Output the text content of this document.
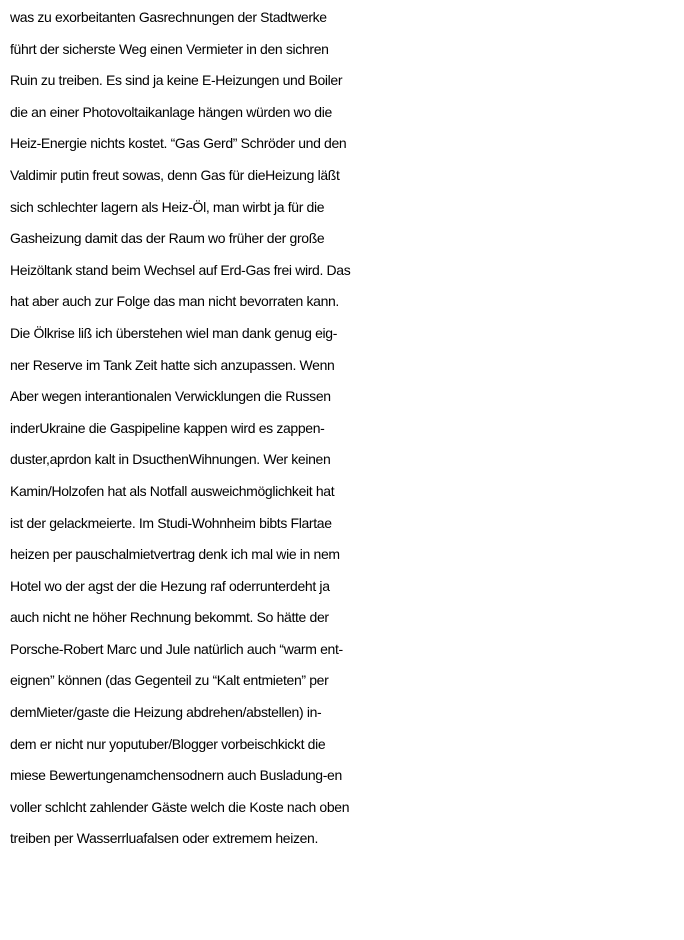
was zu exorbeitanten Gasrechnungen der Stadtwerke
führt der sicherste Weg einen Vermieter in den sichren
Ruin zu treiben. Es sind ja keine E-Heizungen und Boiler
die an einer Photovoltaikanlage hängen würden wo die
Heiz-Energie nichts kostet. “Gas Gerd” Schröder und den
Valdimir putin freut sowas, denn Gas für dieHeizung läßt
sich schlechter lagern als Heiz-Öl, man wirbt ja für die
Gasheizung damit das der Raum wo früher der große
Heizöltank stand beim Wechsel auf Erd-Gas frei wird. Das
hat aber auch zur Folge das man nicht bevorraten kann.
Die Ölkrise liß ich überstehen wiel man dank genug eig-
ner Reserve im Tank Zeit hatte sich anzupassen. Wenn
Aber wegen interantionalen Verwicklungen die Russen
inderUkraine die Gaspipeline kappen wird es zappen-
duster,aprdon kalt in DsucthenWihnungen. Wer keinen
Kamin/Holzofen hat als Notfall ausweichmöglichkeit hat
ist der gelackmeierte. Im Studi-Wohnheim bibts Flartae
heizen per pauschalmietvertrag denk ich mal wie in nem
Hotel wo der agst der die Hezung raf oderrunterdeht ja
auch nicht ne höher Rechnung bekommt. So hätte der
Porsche-Robert Marc und Jule natürlich auch “warm ent-
eignen” können (das Gegenteil zu “Kalt entmieten” per
demMieter/gaste die Heizung abdrehen/abstellen) in-
dem er nicht nur yoputuber/Blogger vorbeischkickt die
miese Bewertungenamchensodnern auch Busladung-en
voller schlcht zahlender Gäste welch die Koste nach oben
treiben per Wasserrluafalsen oder extremem heizen.
